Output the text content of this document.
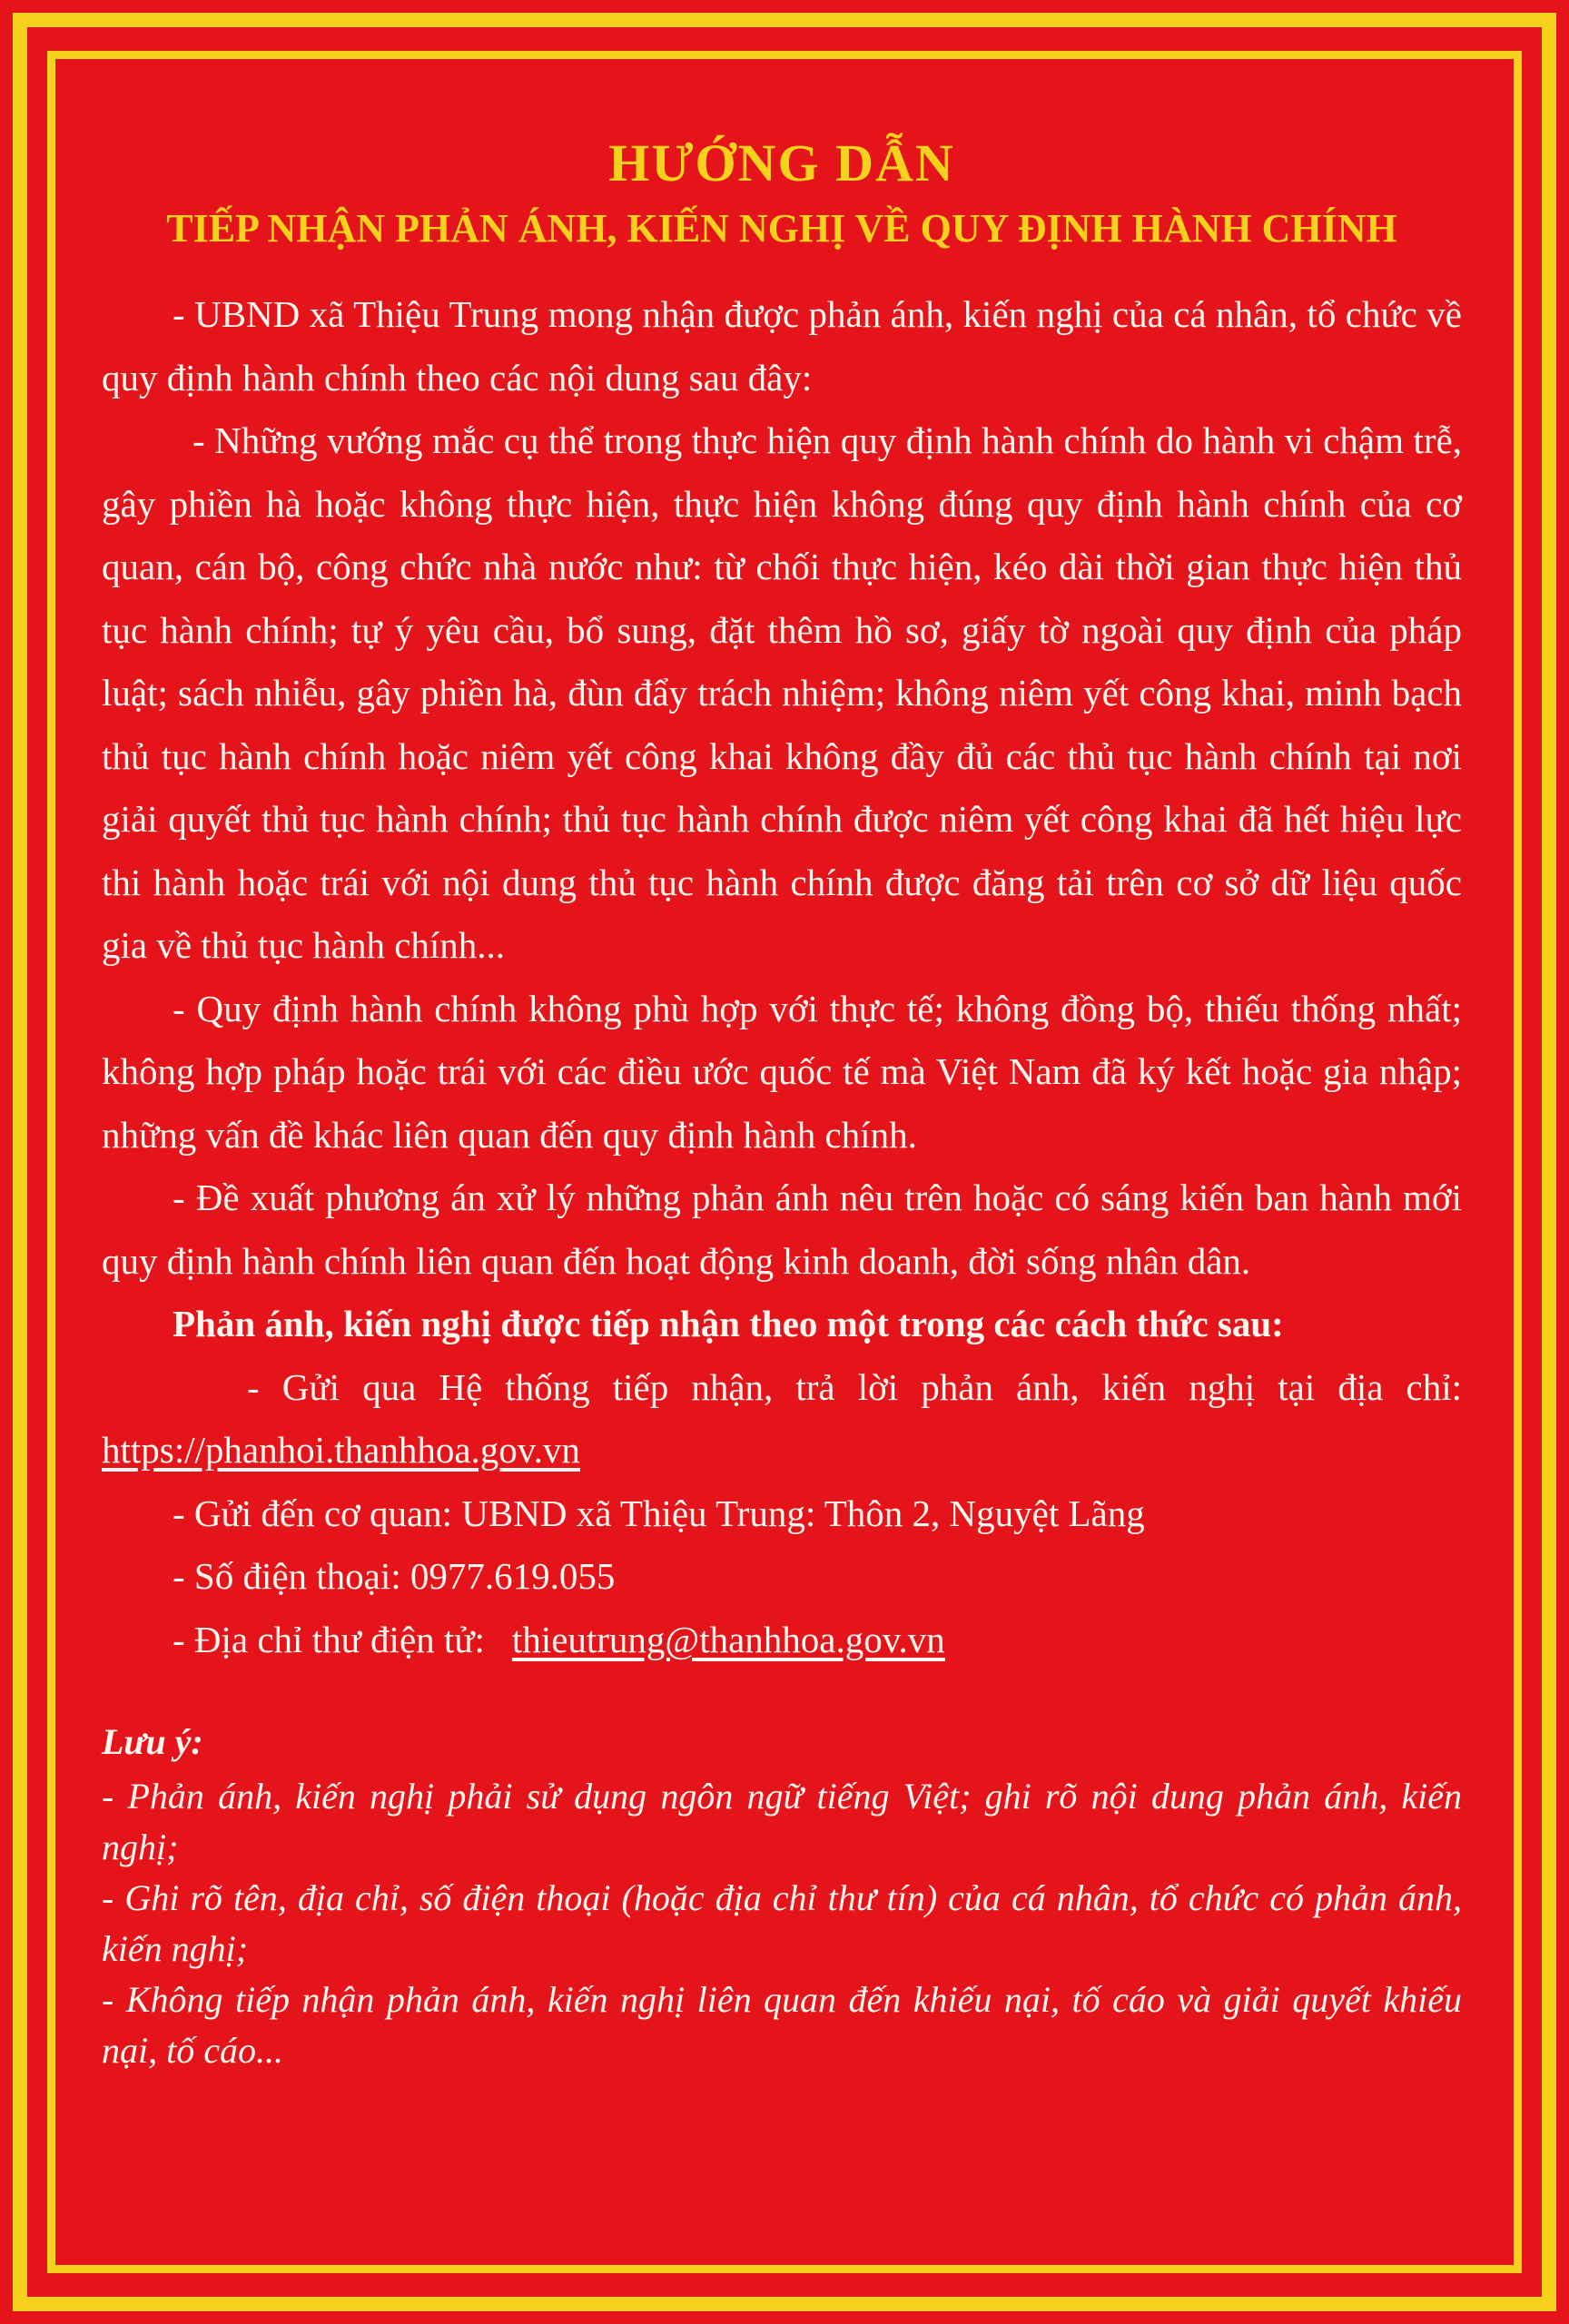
HƯỚNG DẪN
TIẾP NHẬN PHẢN ÁNH, KIẾN NGHỊ VỀ QUY ĐỊNH HÀNH CHÍNH

- UBND xã Thiệu Trung mong nhận được phản ánh, kiến nghị của cá nhân, tổ chức về quy định hành chính theo các nội dung sau đây:

- Những vướng mắc cụ thể trong thực hiện quy định hành chính do hành vi chậm trễ, gây phiền hà hoặc không thực hiện, thực hiện không đúng quy định hành chính của cơ quan, cán bộ, công chức nhà nước như: từ chối thực hiện, kéo dài thời gian thực hiện thủ tục hành chính; tự ý yêu cầu, bổ sung, đặt thêm hồ sơ, giấy tờ ngoài quy định của pháp luật; sách nhiễu, gây phiền hà, đùn đẩy trách nhiệm; không niêm yết công khai, minh bạch thủ tục hành chính hoặc niêm yết công khai không đầy đủ các thủ tục hành chính tại nơi giải quyết thủ tục hành chính; thủ tục hành chính được niêm yết công khai đã hết hiệu lực thi hành hoặc trái với nội dung thủ tục hành chính được đăng tải trên cơ sở dữ liệu quốc gia về thủ tục hành chính...

- Quy định hành chính không phù hợp với thực tế; không đồng bộ, thiếu thống nhất; không hợp pháp hoặc trái với các điều ước quốc tế mà Việt Nam đã ký kết hoặc gia nhập; những vấn đề khác liên quan đến quy định hành chính.

- Đề xuất phương án xử lý những phản ánh nêu trên hoặc có sáng kiến ban hành mới quy định hành chính liên quan đến hoạt động kinh doanh, đời sống nhân dân.

Phản ánh, kiến nghị được tiếp nhận theo một trong các cách thức sau:

- Gửi qua Hệ thống tiếp nhận, trả lời phản ánh, kiến nghị tại địa chỉ: https://phanhoi.thanhhoa.gov.vn

- Gửi đến cơ quan: UBND xã Thiệu Trung: Thôn 2, Nguyệt Lãng

- Số điện thoại: 0977.619.055

- Địa chỉ thư điện tử: thieutrung@thanhhoa.gov.vn

Lưu ý:

- Phản ánh, kiến nghị phải sử dụng ngôn ngữ tiếng Việt; ghi rõ nội dung phản ánh, kiến nghị;

- Ghi rõ tên, địa chỉ, số điện thoại (hoặc địa chỉ thư tín) của cá nhân, tổ chức có phản ánh, kiến nghị;

- Không tiếp nhận phản ánh, kiến nghị liên quan đến khiếu nại, tố cáo và giải quyết khiếu nại, tố cáo...
